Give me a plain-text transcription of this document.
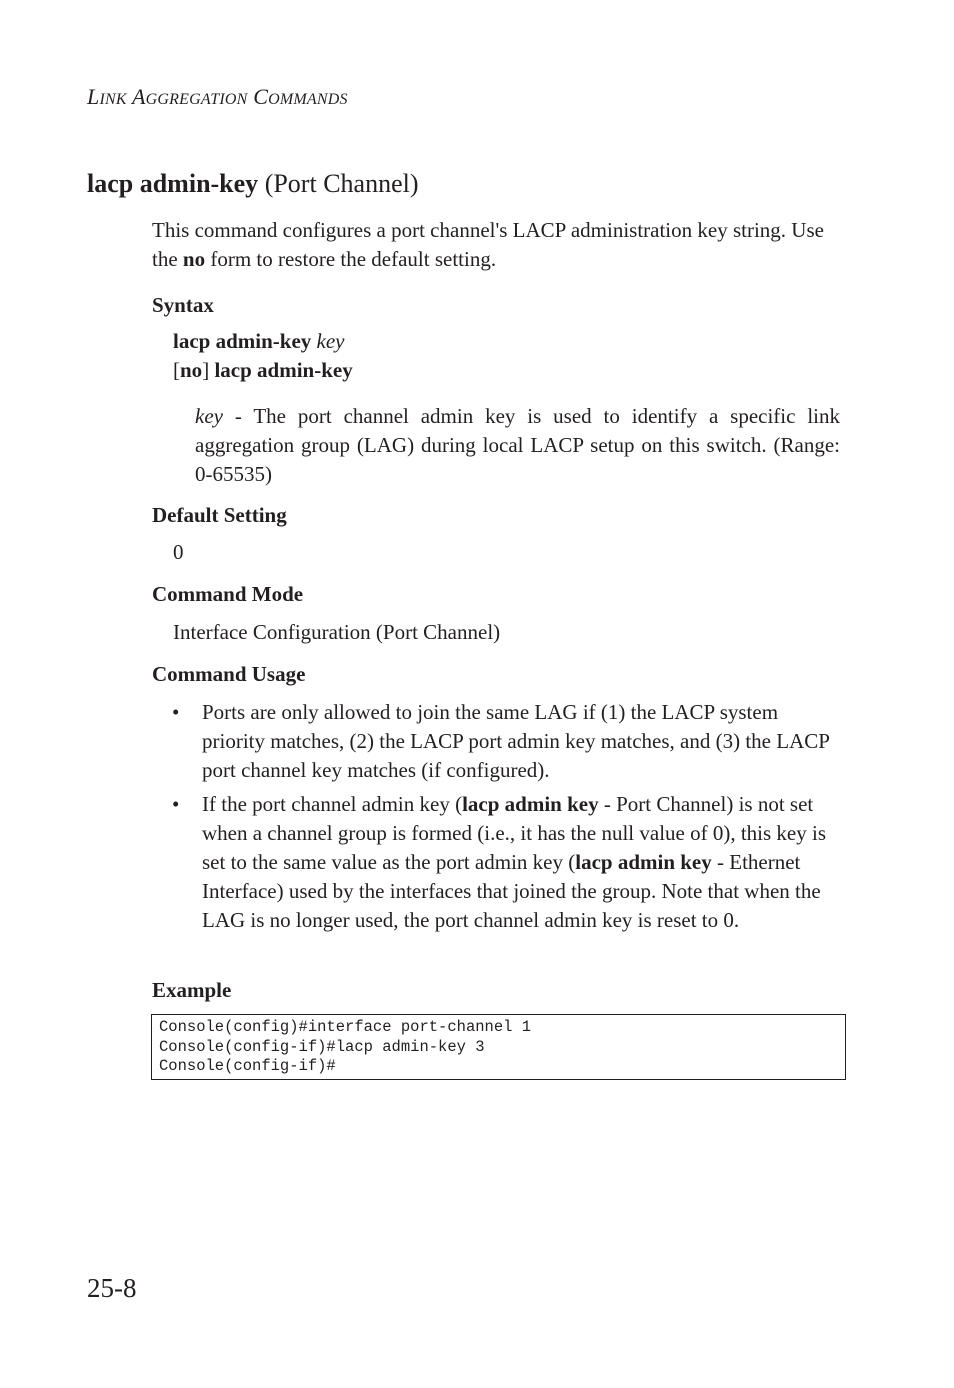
LINK AGGREGATION COMMANDS
lacp admin-key (Port Channel)
This command configures a port channel's LACP administration key string. Use the no form to restore the default setting.
Syntax
lacp admin-key key
[no] lacp admin-key
key - The port channel admin key is used to identify a specific link aggregation group (LAG) during local LACP setup on this switch. (Range: 0-65535)
Default Setting
0
Command Mode
Interface Configuration (Port Channel)
Command Usage
• Ports are only allowed to join the same LAG if (1) the LACP system priority matches, (2) the LACP port admin key matches, and (3) the LACP port channel key matches (if configured).
• If the port channel admin key (lacp admin key - Port Channel) is not set when a channel group is formed (i.e., it has the null value of 0), this key is set to the same value as the port admin key (lacp admin key - Ethernet Interface) used by the interfaces that joined the group. Note that when the LAG is no longer used, the port channel admin key is reset to 0.
Example
Console(config)#interface port-channel 1
Console(config-if)#lacp admin-key 3
Console(config-if)#
25-8
